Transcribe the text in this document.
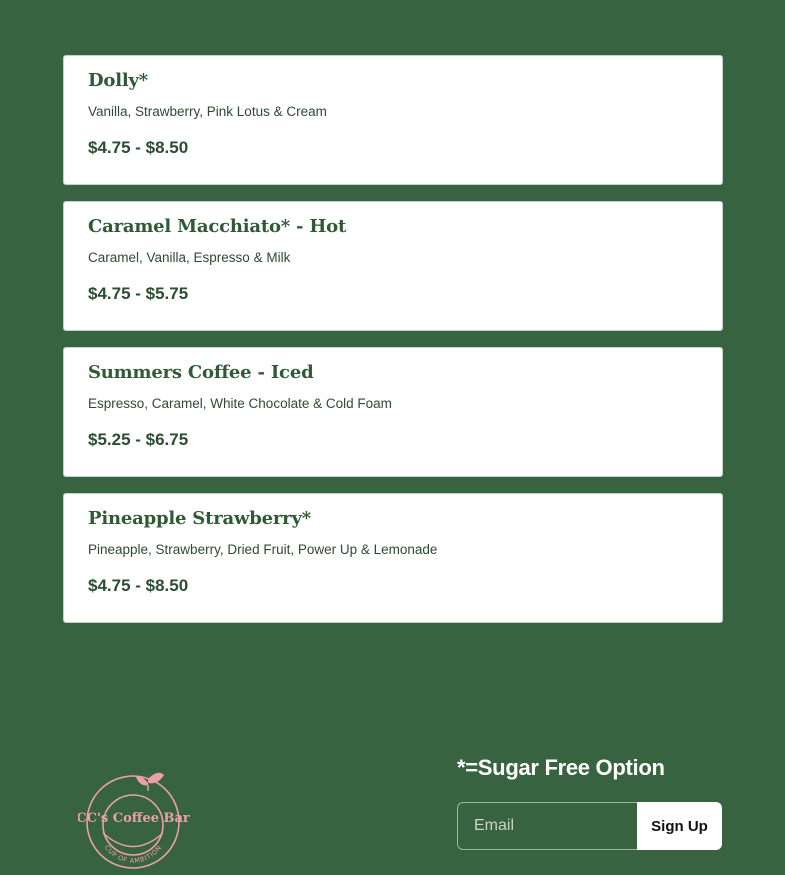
Dolly*
Vanilla, Strawberry, Pink Lotus & Cream
$4.75 - $8.50
Caramel Macchiato* - Hot
Caramel, Vanilla, Espresso & Milk
$4.75 - $5.75
Summers Coffee - Iced
Espresso, Caramel, White Chocolate & Cold Foam
$5.25 - $6.75
Pineapple Strawberry*
Pineapple, Strawberry, Dried Fruit, Power Up & Lemonade
$4.75 - $8.50
CC's Coffee Bar
CUP OF AMBITION
*=Sugar Free Option
Email
Sign Up
